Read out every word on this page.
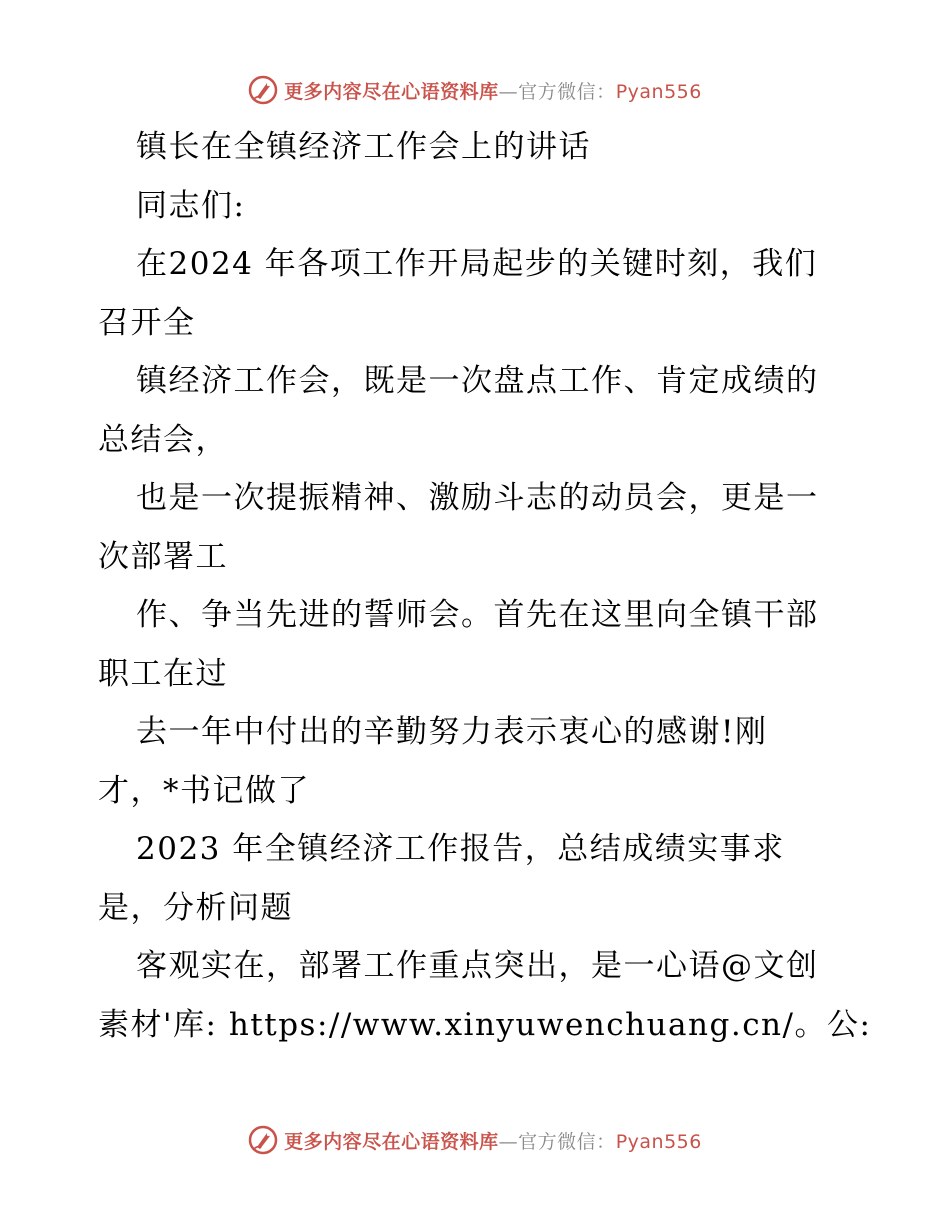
更多内容尽在心语资料库—官方微信：Pyan556
镇长在全镇经济工作会上的讲话
同志们:
在2024 年各项工作开局起步的关键时刻，我们
召开全
镇经济工作会，既是一次盘点工作、肯定成绩的
总结会，
也是一次提振精神、激励斗志的动员会，更是一
次部署工
作、争当先进的誓师会。首先在这里向全镇干部
职工在过
去一年中付出的辛勤努力表示衷心的感谢!刚
才，*书记做了
2023 年全镇经济工作报告，总结成绩实事求
是，分析问题
客观实在，部署工作重点突出，是一心语@文创
素材'库: https://www.xinyuwenchuang.cn/。公:
更多内容尽在心语资料库—官方微信：Pyan556
